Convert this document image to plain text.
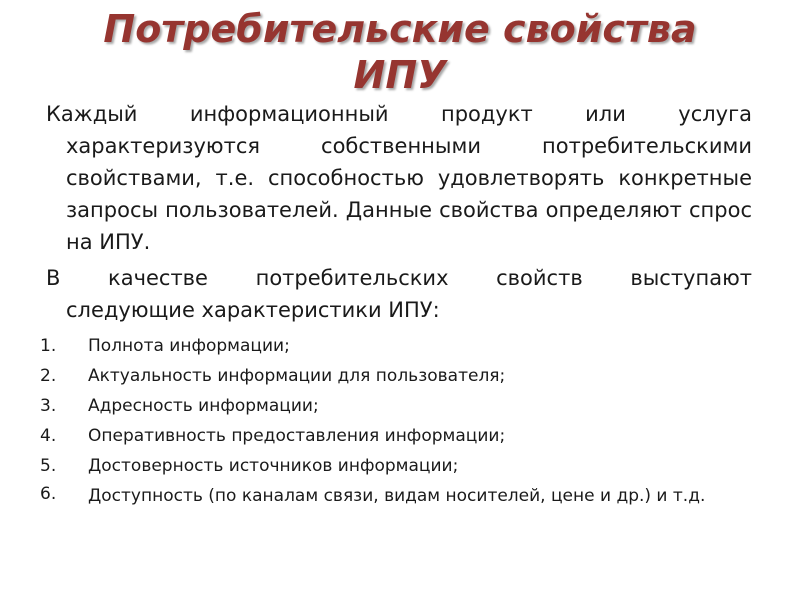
Потребительские свойства
ИПУ
Каждый информационный продукт или услуга
характеризуются собственными потребительскими свойствами, т.е. способностью удовлетворять конкретные запросы пользователей. Данные свойства определяют спрос на ИПУ.
В качестве потребительских свойств выступают
следующие характеристики ИПУ:
1. Полнота информации;
2. Актуальность информации для пользователя;
3. Адресность информации;
4. Оперативность предоставления информации;
5. Достоверность источников информации;
6. Доступность (по каналам связи, видам носителей, цене и др.) и т.д.
